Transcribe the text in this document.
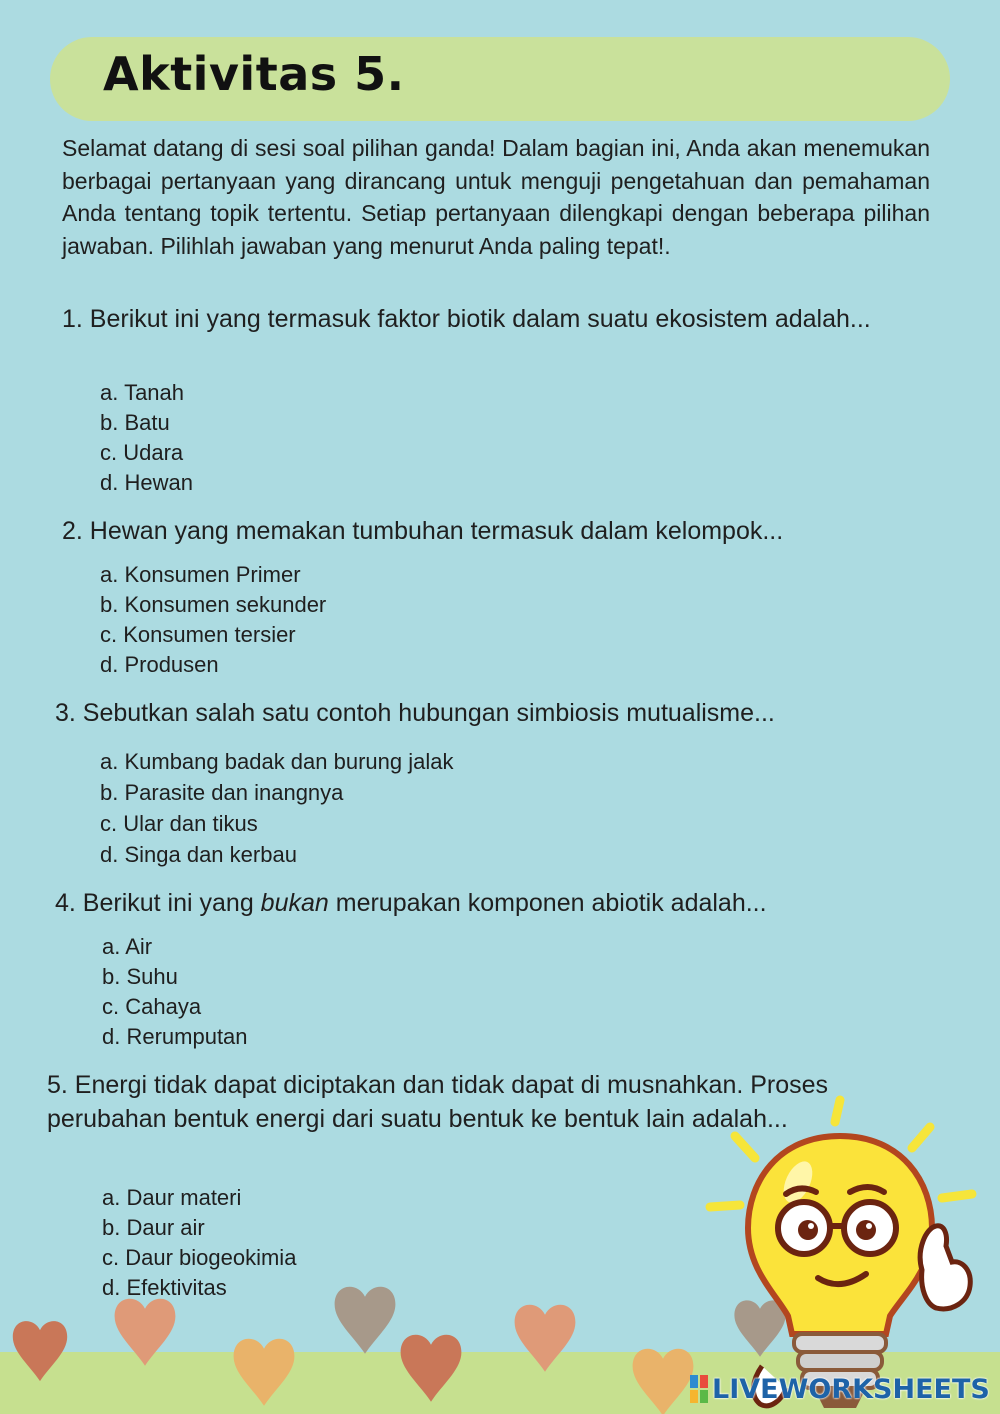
Aktivitas 5.

Selamat datang di sesi soal pilihan ganda! Dalam bagian ini, Anda akan menemukan berbagai pertanyaan yang dirancang untuk menguji pengetahuan dan pemahaman Anda tentang topik tertentu. Setiap pertanyaan dilengkapi dengan beberapa pilihan jawaban. Pilihlah jawaban yang menurut Anda paling tepat!.

1. Berikut ini yang termasuk faktor biotik dalam suatu ekosistem adalah...

a. Tanah
b. Batu
c. Udara
d. Hewan

2. Hewan yang memakan tumbuhan termasuk dalam kelompok...

a. Konsumen Primer
b. Konsumen sekunder
c. Konsumen tersier
d. Produsen

3. Sebutkan salah satu contoh hubungan simbiosis mutualisme...

a. Kumbang badak dan burung jalak
b. Parasite dan inangnya
c. Ular dan tikus
d. Singa dan kerbau

4. Berikut ini yang bukan merupakan komponen abiotik adalah...

a. Air
b. Suhu
c. Cahaya
d. Rerumputan

5. Energi tidak dapat diciptakan dan tidak dapat di musnahkan. Proses perubahan bentuk energi dari suatu bentuk ke bentuk lain adalah...

a. Daur materi
b. Daur air
c. Daur biogeokimia
d. Efektivitas
LIVEWORKSHEETS
